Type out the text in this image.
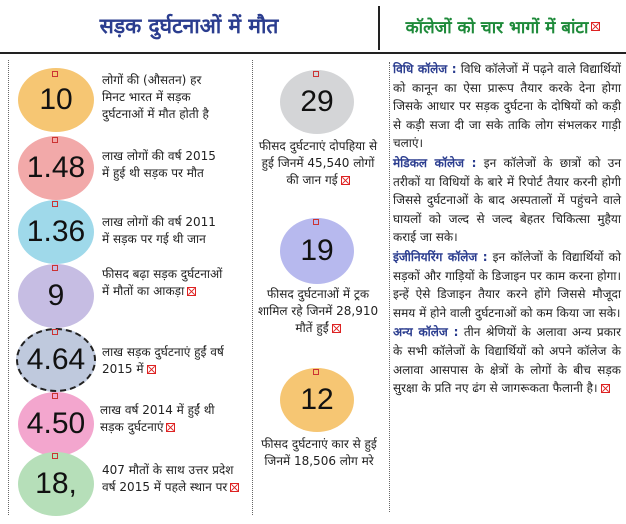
सड़क दुर्घटनाओं में मौत	कॉलेजों को चार भागों में बांटा
10
लोगों की (औसतन) हर मिनट भारत में सड़क दुर्घटनाओं में मौत होती है
1.48 लाख लोगों की वर्ष 2015 में हुई थी सड़क पर मौत
1.36 लाख लोगों की वर्ष 2011 में सड़क पर गई थी जान
9
फीसद बढ़ा सड़क दुर्घटनाओं में मौतों का आकड़ा
4.64 लाख सड़क दुर्घटनाएं हुईं वर्ष 2015 में
4.50 लाख वर्ष 2014 में हुईं थी सड़क दुर्घटनाएं
18, 407 मौतों के साथ उत्तर प्रदेश वर्ष 2015 में पहले स्थान पर
29
फीसद दुर्घटनाएं दोपहिया से हुई जिनमें 45,540 लोगों की जान गई
19
फीसद दुर्घटनाओं में ट्रक शामिल रहे जिनमें 28,910 मौतें हुईं
12
फीसद दुर्घटनाएं कार से हुई जिनमें 18,506 लोग मरे

विधि कॉलेज : विधि कॉलेजों में पढ़ने वाले विद्यार्थियों को कानून का ऐसा प्रारूप तैयार करके देना होगा जिसके आधार पर सड़क दुर्घटना के दोषियों को कड़ी से कड़ी सजा दी जा सके ताकि लोग संभलकर गाड़ी चलाएं।

मेडिकल कॉलेज : इन कॉलेजों के छात्रों को उन तरीकों या विधियों के बारे में रिपोर्ट तैयार करनी होगी जिससे दुर्घटनाओं के बाद अस्पतालों में पहुंचने वाले घायलों को जल्द से जल्द बेहतर चिकित्सा मुहैया कराई जा सके।

इंजीनियरिंग कॉलेज : इन कॉलेजों के विद्यार्थियों को सड़कों और गाड़ियों के डिजाइन पर काम करना होगा। इन्हें ऐसे डिजाइन तैयार करने होंगे जिससे मौजूदा समय में होने वाली दुर्घटनाओं को कम किया जा सके।

अन्य कॉलेज : तीन श्रेणियों के अलावा अन्य प्रकार के सभी कॉलेजों के विद्यार्थियों को अपने कॉलेज के अलावा आसपास के क्षेत्रों के लोगों के बीच सड़क सुरक्षा के प्रति नए ढंग से जागरूकता फैलानी है।
